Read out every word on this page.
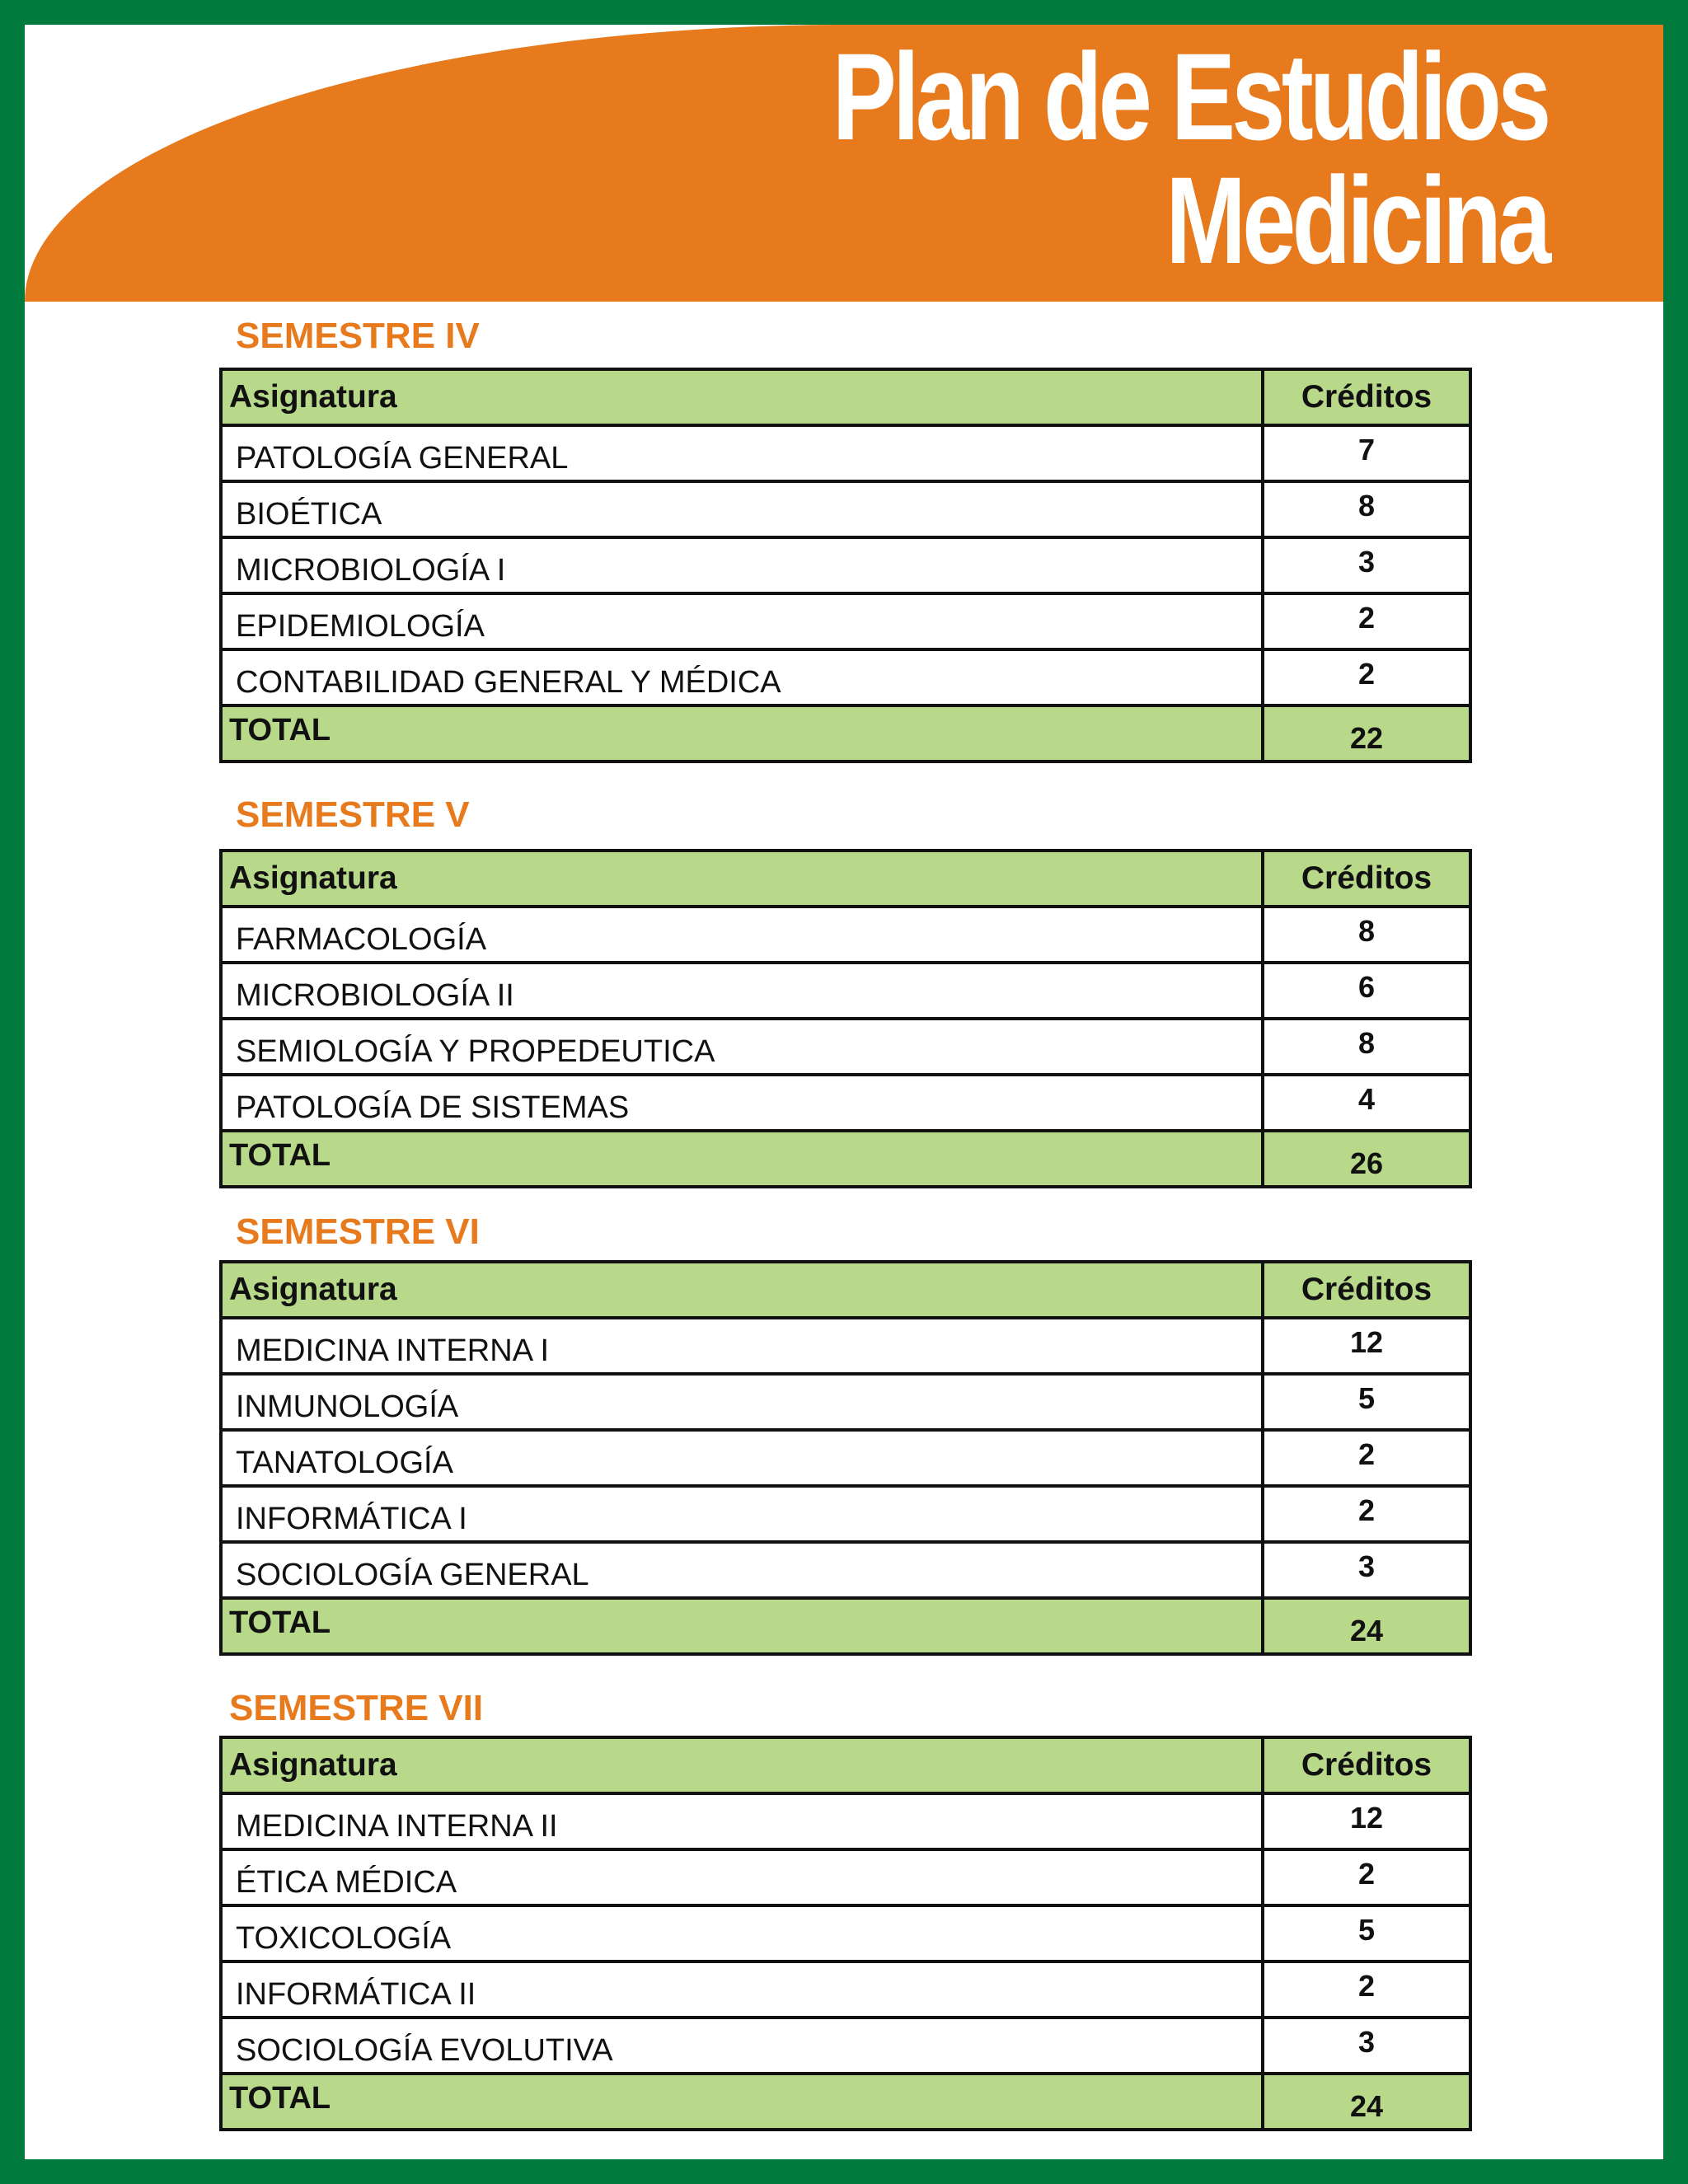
Plan de Estudios
Medicina
SEMESTRE IV
Asignatura	Créditos
PATOLOGÍA GENERAL	7
BIOÉTICA	8
MICROBIOLOGÍA I	3
EPIDEMIOLOGÍA	2
CONTABILIDAD GENERAL Y MÉDICA	2
TOTAL	22
SEMESTRE V
Asignatura	Créditos
FARMACOLOGÍA	8
MICROBIOLOGÍA II	6
SEMIOLOGÍA Y PROPEDEUTICA	8
PATOLOGÍA DE SISTEMAS	4
TOTAL	26
SEMESTRE VI
Asignatura	Créditos
MEDICINA INTERNA I	12
INMUNOLOGÍA	5
TANATOLOGÍA	2
INFORMÁTICA I	2
SOCIOLOGÍA GENERAL	3
TOTAL	24
SEMESTRE VII
Asignatura	Créditos
MEDICINA INTERNA II	12
ÉTICA MÉDICA	2
TOXICOLOGÍA	5
INFORMÁTICA II	2
SOCIOLOGÍA EVOLUTIVA	3
TOTAL	24
